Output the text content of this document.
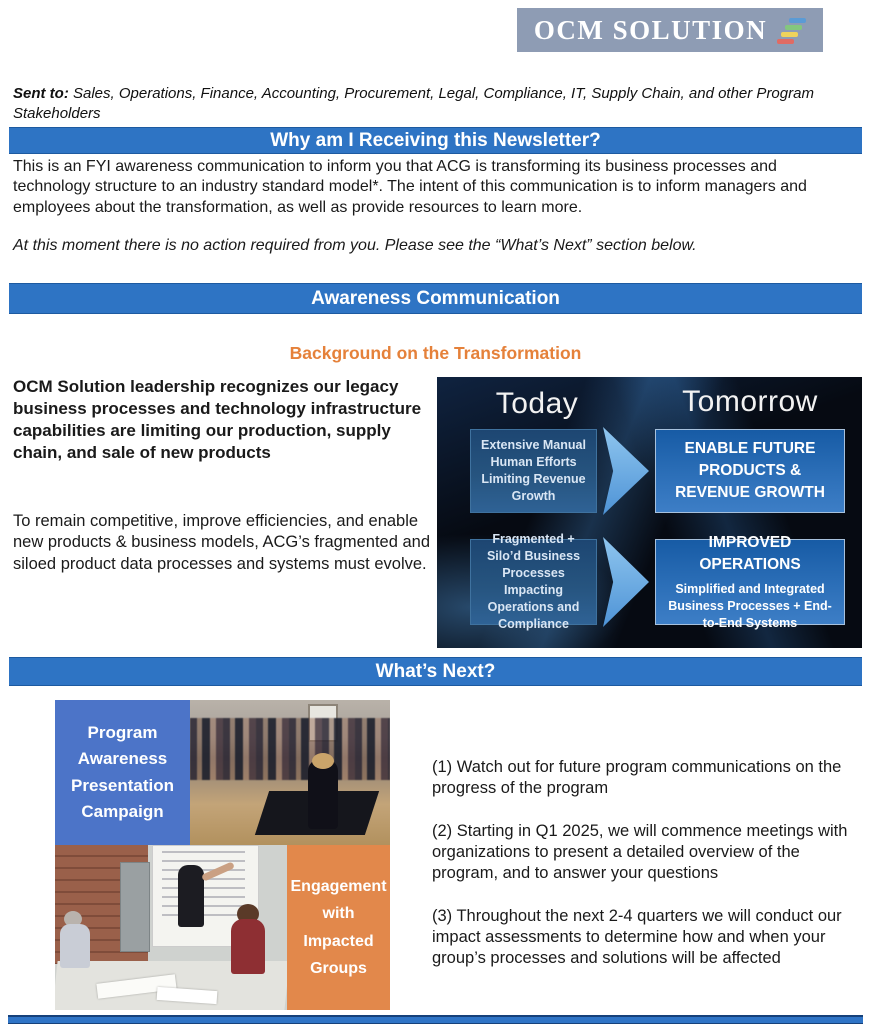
OCM SOLUTION
Sent to: Sales, Operations, Finance, Accounting, Procurement, Legal, Compliance, IT, Supply Chain, and other Program Stakeholders
Why am I Receiving this Newsletter?
This is an FYI awareness communication to inform you that ACG is transforming its business processes and technology structure to an industry standard model*. The intent of this communication is to inform managers and employees about the transformation, as well as provide resources to learn more.
At this moment there is no action required from you. Please see the “What’s Next” section below.
Awareness Communication
Background on the Transformation
OCM Solution leadership recognizes our legacy business processes and technology infrastructure capabilities are limiting our production, supply chain, and sale of new products
To remain competitive, improve efficiencies, and enable new products & business models, ACG’s fragmented and siloed product data processes and systems must evolve.
Today	Tomorrow
Extensive Manual Human Efforts Limiting Revenue Growth
ENABLE FUTURE PRODUCTS & REVENUE GROWTH
Fragmented + Silo’d Business Processes Impacting Operations and Compliance
IMPROVED OPERATIONS
Simplified and Integrated Business Processes + End-to-End Systems
What’s Next?
Program Awareness Presentation Campaign
Engagement with Impacted Groups
(1) Watch out for future program communications on the progress of the program
(2) Starting in Q1 2025, we will commence meetings with organizations to present a detailed overview of the program, and to answer your questions
(3) Throughout the next 2-4 quarters we will conduct our impact assessments to determine how and when your group’s processes and solutions will be affected
